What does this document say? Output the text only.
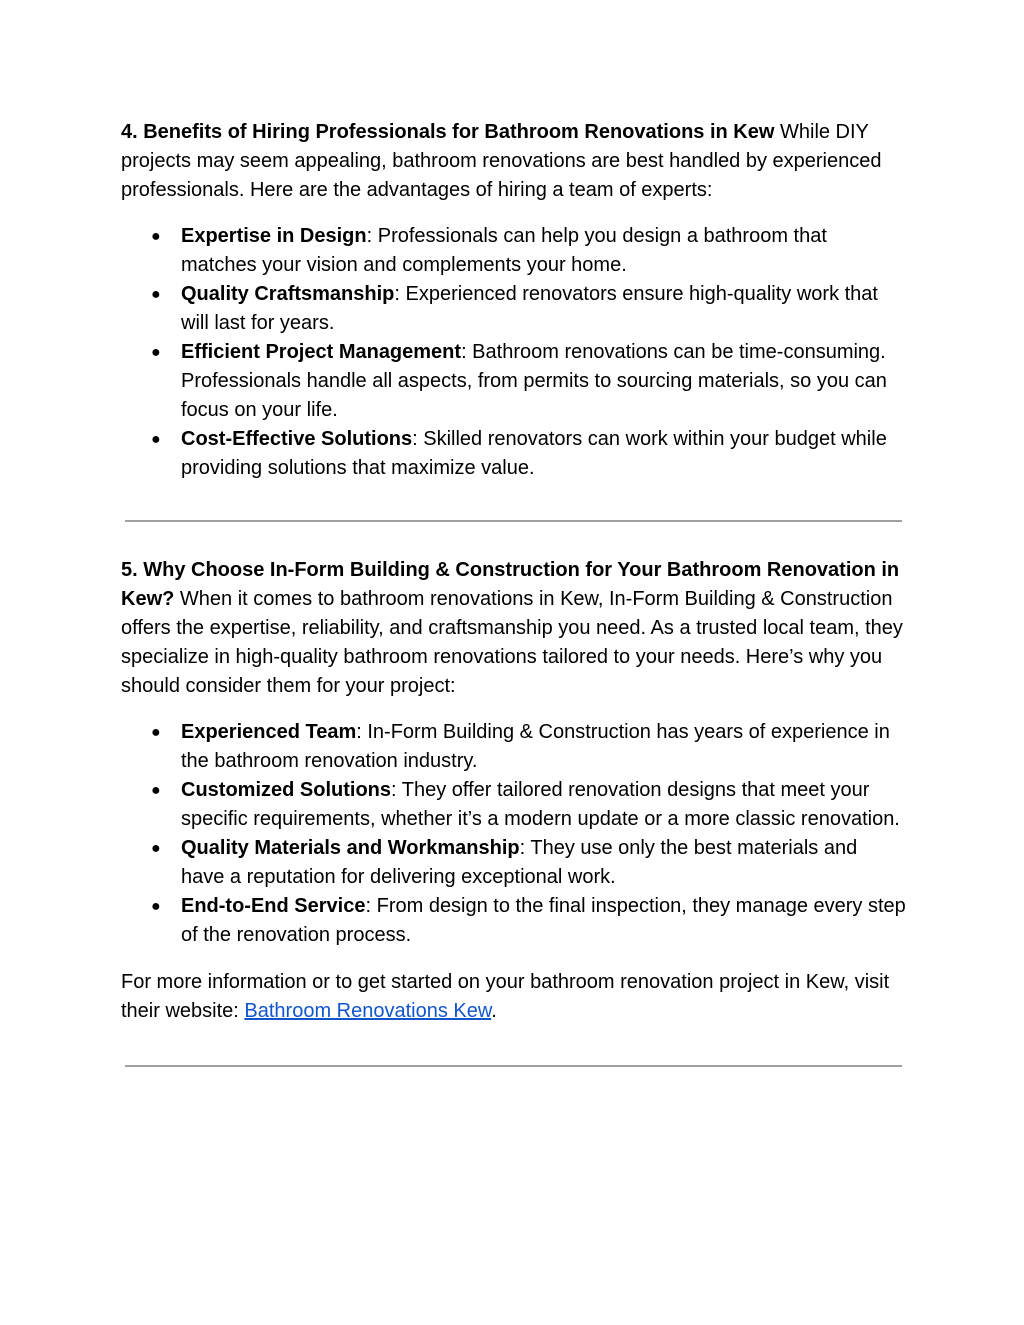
4. Benefits of Hiring Professionals for Bathroom Renovations in Kew While DIY projects may seem appealing, bathroom renovations are best handled by experienced professionals. Here are the advantages of hiring a team of experts:

● Expertise in Design: Professionals can help you design a bathroom that matches your vision and complements your home.
● Quality Craftsmanship: Experienced renovators ensure high-quality work that will last for years.
● Efficient Project Management: Bathroom renovations can be time-consuming. Professionals handle all aspects, from permits to sourcing materials, so you can focus on your life.
● Cost-Effective Solutions: Skilled renovators can work within your budget while providing solutions that maximize value.

5. Why Choose In-Form Building & Construction for Your Bathroom Renovation in Kew? When it comes to bathroom renovations in Kew, In-Form Building & Construction offers the expertise, reliability, and craftsmanship you need. As a trusted local team, they specialize in high-quality bathroom renovations tailored to your needs. Here’s why you should consider them for your project:

● Experienced Team: In-Form Building & Construction has years of experience in the bathroom renovation industry.
● Customized Solutions: They offer tailored renovation designs that meet your specific requirements, whether it’s a modern update or a more classic renovation.
● Quality Materials and Workmanship: They use only the best materials and have a reputation for delivering exceptional work.
● End-to-End Service: From design to the final inspection, they manage every step of the renovation process.

For more information or to get started on your bathroom renovation project in Kew, visit their website: Bathroom Renovations Kew.
